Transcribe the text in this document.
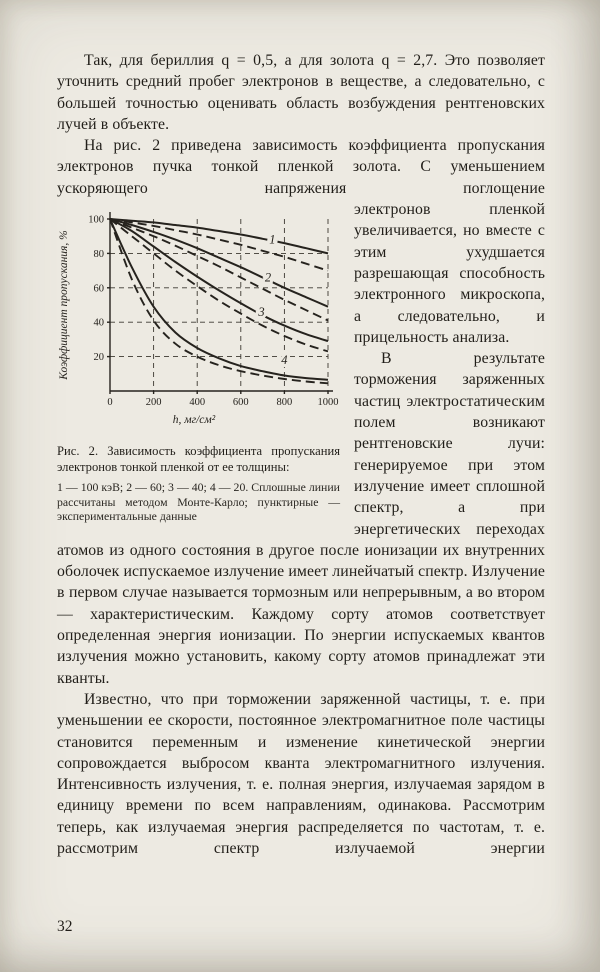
Так, для бериллия q = 0,5, а для золота q = 2,7. Это позволяет уточнить средний пробег электронов в веществе, а следовательно, с большей точностью оценивать область возбуждения рентгеновских лучей в объекте.

На рис. 2 приведена зависимость коэффициента пропускания электронов пучка тонкой пленкой золота. С уменьшением ускоряющего напряжения поглощение

20
40
60
80
100
0	200	400	600	800 1000
1
2
3
4
Коэффициент пропускания, %
h, мг/см²
Рис. 2. Зависимость коэффициента пропускания электронов тонкой пленкой от ее толщины:
1 — 100 кэВ; 2 — 60; 3 — 40; 4 — 20. Сплошные линии рассчитаны методом Монте-Карло; пунктирные — экспериментальные данные

электронов пленкой увеличивается, но вместе с этим ухудшается разрешающая способность электронного микроскопа, а следовательно, и прицельность анализа.

В результате торможения заряженных частиц электростатическим полем возникают рентгеновские лучи: генерируемое при этом излучение имеет сплошной спектр, а при энергетических переходах атомов из одного состояния в другое после ионизации их внутренних оболочек испускаемое излучение имеет линейчатый спектр. Излучение в первом случае называется тормозным или непрерывным, а во втором — характеристическим. Каждому сорту атомов соответствует определенная энергия ионизации. По энергии испускаемых квантов излучения можно установить, какому сорту атомов принадлежат эти кванты.

Известно, что при торможении заряженной частицы, т. е. при уменьшении ее скорости, постоянное электромагнитное поле частицы становится переменным и изменение кинетической энергии сопровождается выбросом кванта электромагнитного излучения. Интенсивность излучения, т. е. полная энергия, излучаемая зарядом в единицу времени по всем направлениям, одинакова. Рассмотрим теперь, как излучаемая энергия распределяется по частотам, т. е. рассмотрим спектр излучаемой энергии

32
